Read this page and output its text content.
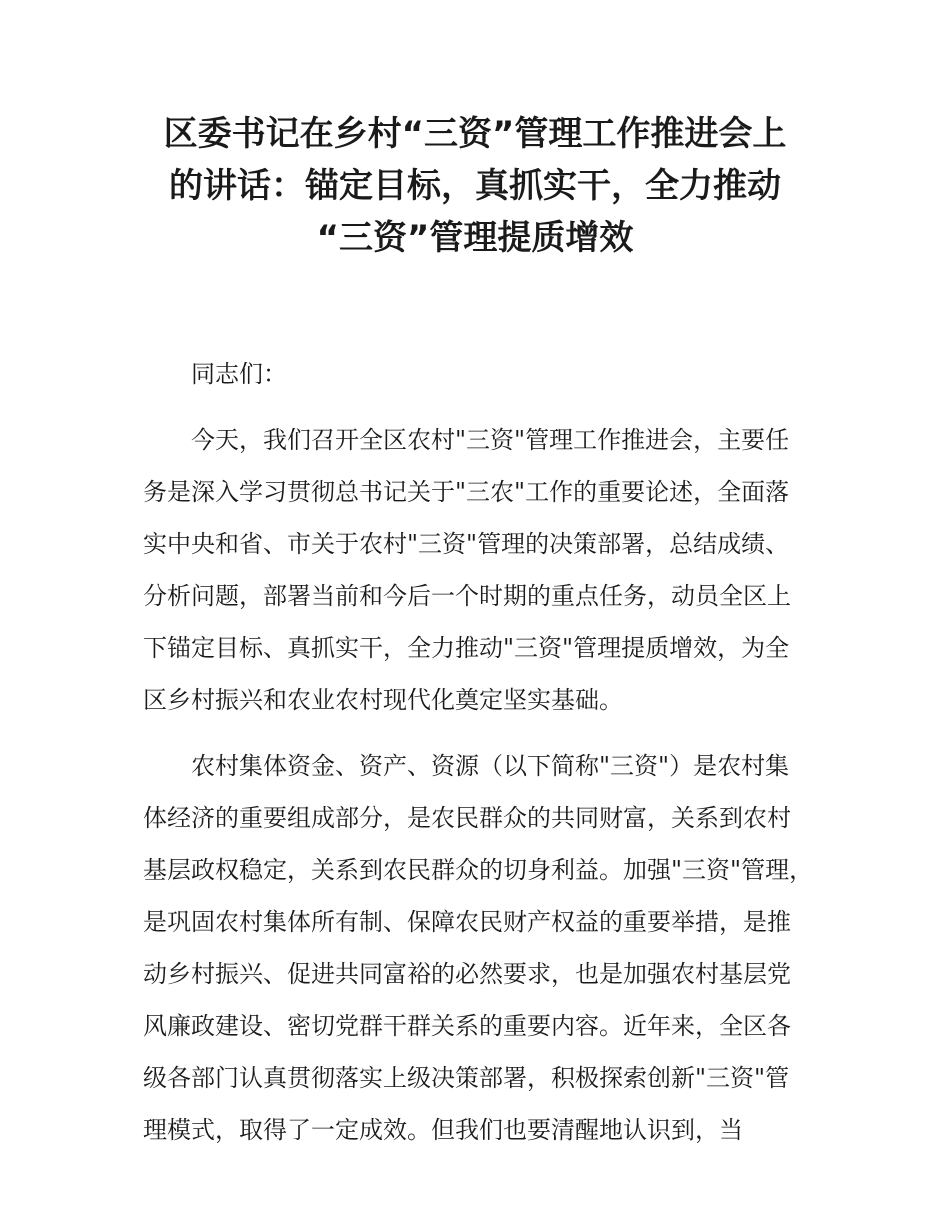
区委书记在乡村“三资”管理工作推进会上
的讲话：锚定目标，真抓实干，全力推动
“三资”管理提质增效

同志们：

今天，我们召开全区农村"三资"管理工作推进会，主要任
务是深入学习贯彻总书记关于"三农"工作的重要论述，全面落
实中央和省、市关于农村"三资"管理的决策部署，总结成绩、
分析问题，部署当前和今后一个时期的重点任务，动员全区上
下锚定目标、真抓实干，全力推动"三资"管理提质增效，为全
区乡村振兴和农业农村现代化奠定坚实基础。

农村集体资金、资产、资源（以下简称"三资"）是农村集
体经济的重要组成部分，是农民群众的共同财富，关系到农村
基层政权稳定，关系到农民群众的切身利益。加强"三资"管理，
是巩固农村集体所有制、保障农民财产权益的重要举措，是推
动乡村振兴、促进共同富裕的必然要求，也是加强农村基层党
风廉政建设、密切党群干群关系的重要内容。近年来，全区各
级各部门认真贯彻落实上级决策部署，积极探索创新"三资"管
理模式，取得了一定成效。但我们也要清醒地认识到，当
